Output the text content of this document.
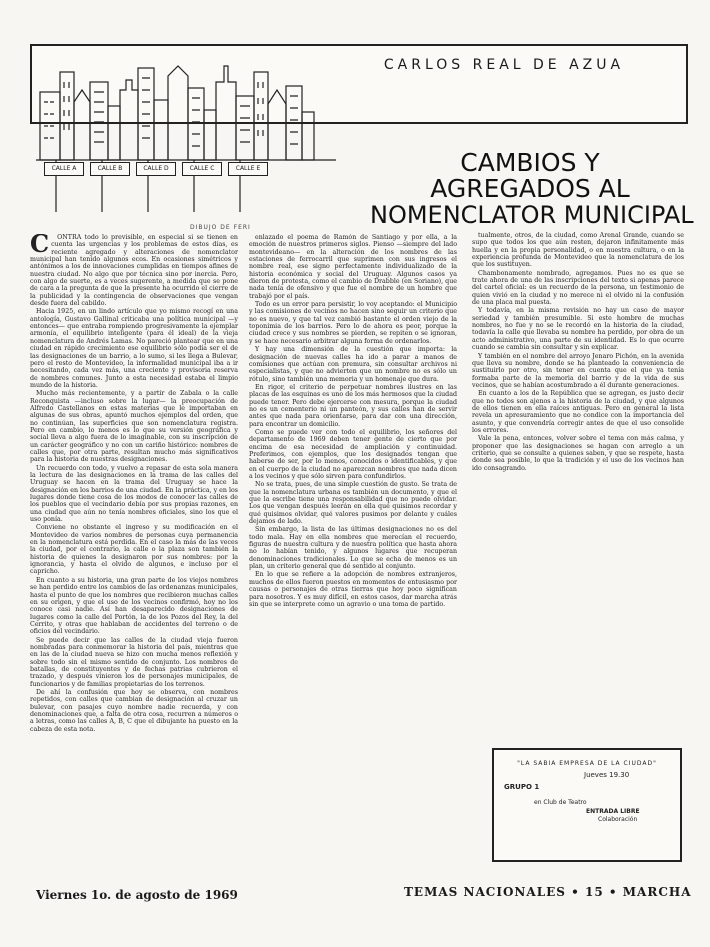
CARLOS REAL DE AZUA
CALLE A	CALLE B	CALLE D	CALLE C	CALLE E
DIBUJO DE FERI
CAMBIOS Y
AGREGADOS AL
NOMENCLATOR MUNICIPAL
C	ONTRA todo lo previsible, en especial si se tienen en cuenta las urgencias y los problemas de estos días, es reciente agregado y alteraciones de nomenclator municipal han tenido algunos ecos. En ocasiones simétricos y antónimos a los de innovaciones cumplidas en tiempos afines de nuestra ciudad. No algo que por técnica sino por inercia. Pero, con algo de suerte, es a veces sugerente, a medida que se pone de cara a la pregunta de que la presente ha ocurrido el cierre de la publicidad y la contingencia de observaciones que vengan desde fuera del cabildo.

Hacia 1925, en un lindo artículo que yo mismo recogí en una antología, Gustavo Gallinal criticaba una política municipal —y entonces— que entraba rompiendo progresivamente la ejemplar armonía, el equilibrio inteligente (para él ideal) de la vieja nomenclatura de Andrés Lamas. No pareció plantear que en una ciudad en rápido crecimiento ese equilibrio sólo podía ser el de las designaciones de un barrio, a lo sumo, si les llega a Bulevar, pero el resto de Montevideo, la informalidad municipal iba a ir necesitando, cada vez más, una creciente y provisoria reserva de nombres comunes. Junto a esta necesidad estaba el limpio mundo de la historia.

Mucho más recientemente, y a partir de Zabala o la calle Reconquista —incluso sobre la lugar— la preocupación de Alfredo Castellanos en estas materias que le importaban en algunas de sus obras, apuntó muchos ejemplos del orden, que no continúan, las superficies que son nomenclatura registra. Pero en cambio, lo menos es lo que su versión geográfica y social lleva a algo fuera de lo imaginable, con su inscripción de un carácter geográfico y no con un cariño histórico: nombres de calles que, por otra parte, resultan mucho más significativos para la historia de nuestras designaciones.

Un recuerdo con todo, y vuelvo a repasar de esta sola manera la lectura de las designaciones en la trama de las calles del Uruguay se hacen en la trama del Uruguay se hace la designación en los barrios de una ciudad. En la práctica, y en los lugares donde tiene cosa de los modos de conocer las calles de los pueblos que el vecindario debía por sus propias razones, en una ciudad que aún no tenía nombres oficiales, sino los que el uso ponía.

Conviene no obstante el ingreso y su modificación en el Montevideo de varios nombres de personas cuya permanencia en la nomenclatura está perdida. En el caso la más de las veces la ciudad, por el contrario, la calle o la plaza son también la historia de quienes la designaron por sus nombres: por la ignorancia, y hasta el olvido de algunos, e incluso por el capricho.

En cuanto a su historia, una gran parte de los viejos nombres se han perdido entre los cambios de las ordenanzas municipales, hasta el punto de que los nombres que recibieron muchas calles en su origen, y que el uso de los vecinos confirmó, hoy no los conoce casi nadie. Así han desaparecido designaciones de lugares como la calle del Portón, la de los Pozos del Rey, la del Cerrito, y otras que hablaban de accidentes del terreno o de oficios del vecindario.

Se puede decir que las calles de la ciudad vieja fueron nombradas para conmemorar la historia del país, mientras que en las de la ciudad nueva se hizo con mucha menos reflexión y sobre todo sin el mismo sentido de conjunto. Los nombres de batallas, de constituyentes y de fechas patrias cubrieron el trazado, y después vinieron los de personajes municipales, de funcionarios y de familias propietarias de los terrenos.

De ahí la confusión que hoy se observa, con nombres repetidos, con calles que cambian de designación al cruzar un bulevar, con pasajes cuyo nombre nadie recuerda, y con denominaciones que, a falta de otra cosa, recurren a números o a letras, como las calles A, B, C que el dibujante ha puesto en la cabeza de esta nota.

enlazado el poema de Ramón de Santiago y por ella, a la emoción de nuestros primeros siglos. Pienso —siempre del lado montevideano— en la alteración de los nombres de las estaciones de ferrocarril que suprimen con sus ingresos el nombre real, ese signo perfectamente individualizado de la historia económica y social del Uruguay. Algunos casos ya dieron de protesta, como el cambio de Drabble (en Soriano), que nada tenía de ofensivo y que fue el nombre de un hombre que trabajó por el país.

Todo es un error para persistir, lo voy aceptando: el Municipio y las comisiones de vecinos no hacen sino seguir un criterio que no es nuevo, y que tal vez cambió bastante el orden viejo de la toponimia de los barrios. Pero lo de ahora es peor, porque la ciudad crece y sus nombres se pierden, se repiten o se ignoran, y se hace necesario arbitrar alguna forma de ordenarlos.

Y hay una dimensión de la cuestión que importa: la designación de nuevas calles ha ido a parar a manos de comisiones que actúan con premura, sin consultar archivos ni especialistas, y que no advierten que un nombre no es sólo un rótulo, sino también una memoria y un homenaje que dura.

En rigor, el criterio de perpetuar nombres ilustres en las placas de las esquinas es uno de los más hermosos que la ciudad puede tener. Pero debe ejercerse con mesura, porque la ciudad no es un cementerio ni un panteón, y sus calles han de servir antes que nada para orientarse, para dar con una dirección, para encontrar un domicilio.

Como se puede ver con todo el equilibrio, los señores del departamento de 1969 deben tener gente de cierto que por encima de esa necesidad de ampliación y continuidad. Preferimos, con ejemplos, que los designados tengan que haberse de ser, por lo menos, conocidos o identificables, y que en el cuerpo de la ciudad no aparezcan nombres que nada dicen a los vecinos y que sólo sirven para confundirlos.

No se trata, pues, de una simple cuestión de gusto. Se trata de que la nomenclatura urbana es también un documento, y que el que la escribe tiene una responsabilidad que no puede olvidar. Los que vengan después leerán en ella qué quisimos recordar y qué quisimos olvidar, qué valores pusimos por delante y cuáles dejamos de lado.

Sin embargo, la lista de las últimas designaciones no es del todo mala. Hay en ella nombres que merecían el recuerdo, figuras de nuestra cultura y de nuestra política que hasta ahora no lo habían tenido, y algunos lugares que recuperan denominaciones tradicionales. Lo que se echa de menos es un plan, un criterio general que dé sentido al conjunto.

En lo que se refiere a la adopción de nombres extranjeros, muchos de ellos fueron puestos en momentos de entusiasmo por causas o personajes de otras tierras que hoy poco significan para nosotros. Y es muy difícil, en estos casos, dar marcha atrás sin que se interprete como un agravio o una toma de partido.

tualmente, otros, de la ciudad, como Arenal Grande, cuando se supo que todos los que aún resten, dejaron infinitamente más huella y en la propia personalidad, o en nuestra cultura, o en la experiencia profunda de Montevideo que la nomenclatura de los que los sustituyen.

Chambonamente nombrado, agregamos. Pues no es que se trate ahora de una de las inscripciones del texto si apenas parece del cartel oficial: es un recuerdo de la persona, un testimonio de quien vivió en la ciudad y no merece ni el olvido ni la confusión de una placa mal puesta.

Y todavía, en la misma revisión no hay un caso de mayor seriedad y también presumible. Si este hombre de muchas nombres, no fue y no se le recordó en la historia de la ciudad, todavía la calle que llevaba su nombre ha perdido, por obra de un acto administrativo, una parte de su identidad. Es lo que ocurre cuando se cambia sin consultar y sin explicar.

Y también en el nombre del arroyo Jenaro Pichón, en la avenida que lleva su nombre, donde se ha planteado la conveniencia de sustituirlo por otro, sin tener en cuenta que el que ya tenía formaba parte de la memoria del barrio y de la vida de sus vecinos, que se habían acostumbrado a él durante generaciones.

En cuanto a los de la República que se agregan, es justo decir que no todos son ajenos a la historia de la ciudad, y que algunos de ellos tienen en ella raíces antiguas. Pero en general la lista revela un apresuramiento que no condice con la importancia del asunto, y que convendría corregir antes de que el uso consolide los errores.

Vale la pena, entonces, volver sobre el tema con más calma, y proponer que las designaciones se hagan con arreglo a un criterio, que se consulte a quienes saben, y que se respete, hasta donde sea posible, lo que la tradición y el uso de los vecinos han ido consagrando.

"LA SABIA EMPRESA DE LA CIUDAD"
Jueves 19.30
GRUPO 1
en Club de Teatro
ENTRADA LIBRE
Colaboración
Viernes 1o. de agosto de 1969	TEMAS NACIONALES • 15 • MARCHA
